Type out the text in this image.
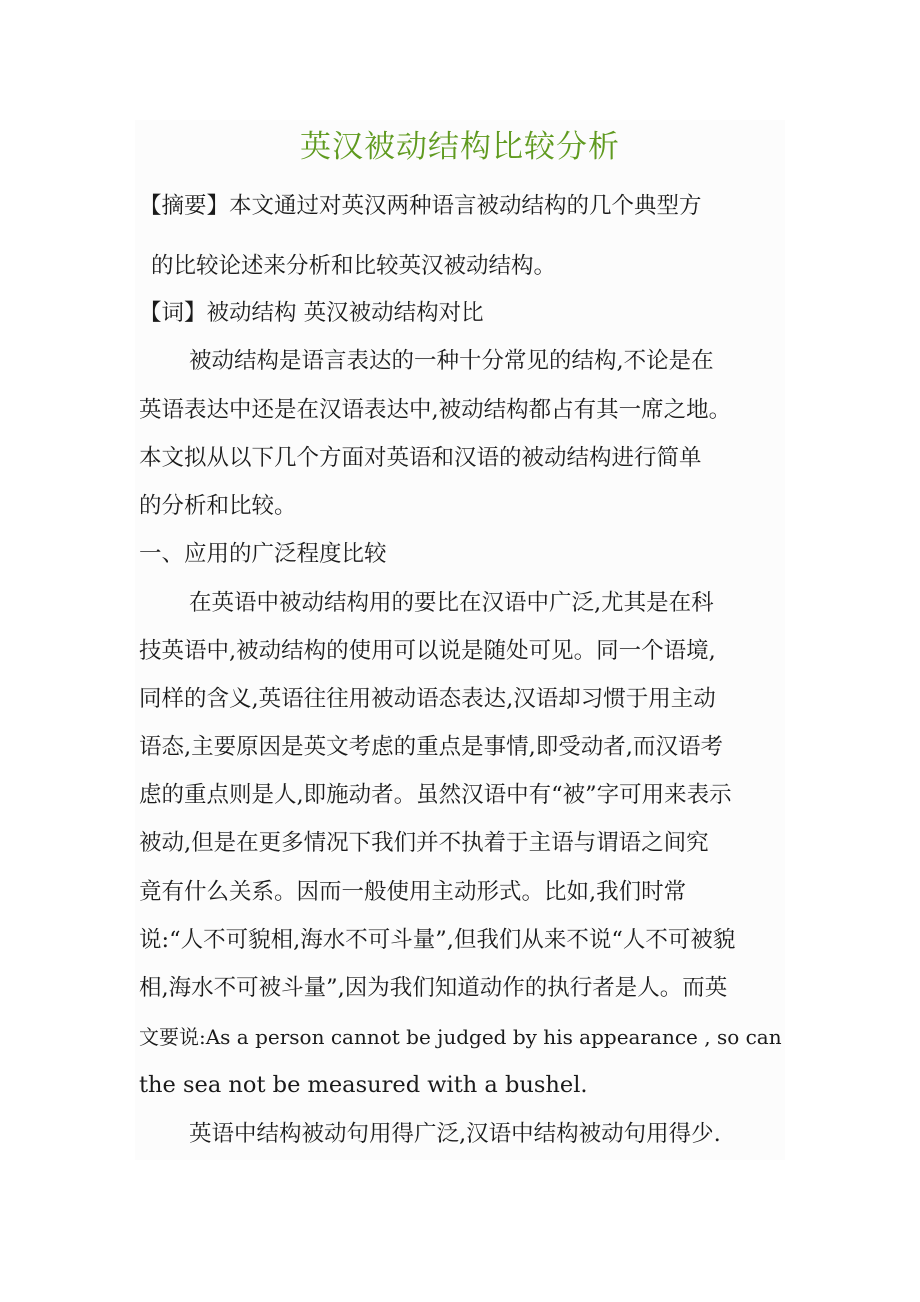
英汉被动结构比较分析

【摘要】本文通过对英汉两种语言被动结构的几个典型方

的比较论述来分析和比较英汉被动结构。

【词】被动结构 英汉被动结构对比

被动结构是语言表达的一种十分常见的结构,不论是在

英语表达中还是在汉语表达中,被动结构都占有其一席之地。

本文拟从以下几个方面对英语和汉语的被动结构进行简单

的分析和比较。

一、应用的广泛程度比较

在英语中被动结构用的要比在汉语中广泛,尤其是在科

技英语中,被动结构的使用可以说是随处可见。同一个语境,

同样的含义,英语往往用被动语态表达,汉语却习惯于用主动

语态,主要原因是英文考虑的重点是事情,即受动者,而汉语考

虑的重点则是人,即施动者。虽然汉语中有“被”字可用来表示

被动,但是在更多情况下我们并不执着于主语与谓语之间究

竟有什么关系。因而一般使用主动形式。比如,我们时常

说:“人不可貌相,海水不可斗量”,但我们从来不说“人不可被貌

相,海水不可被斗量”,因为我们知道动作的执行者是人。而英

文要说:As a person cannot be judged by his appearance , so can

the sea not be measured with a bushel.

英语中结构被动句用得广泛,汉语中结构被动句用得少.
